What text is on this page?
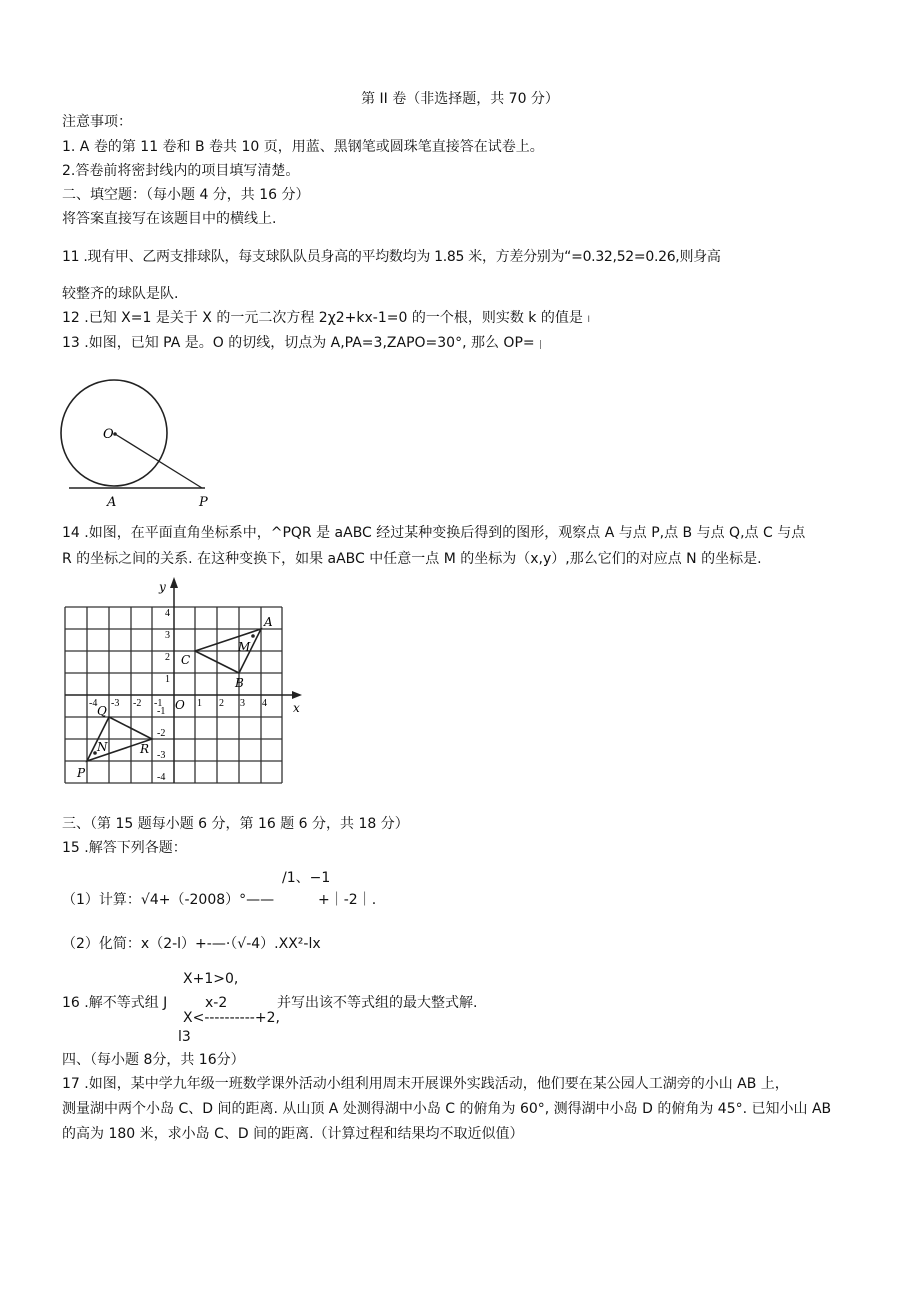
第 II 卷（非选择题，共 70 分）
注意事项：
1. A 卷的第 11 卷和 B 卷共 10 页，用蓝、黑钢笔或圆珠笔直接答在试卷上。
2.答卷前将密封线内的项目填写清楚。
二、填空题：（每小题 4 分，共 16 分）
将答案直接写在该题目中的横线上.
11 .现有甲、乙两支排球队，每支球队队员身高的平均数均为 1.85 米，方差分别为“=0.32,52=0.26,则身高
较整齐的球队是队.
12 .已知 X=1 是关于 X 的一元二次方程 2χ2+kx-1=0 的一个根，则实数 k 的值是 I
13 .如图，已知 PA 是。O 的切线，切点为 A,PA=3,ZAPO=30°, 那么 OP= |
O
A	P
14 .如图，在平面直角坐标系中，^PQR 是 aABC 经过某种变换后得到的图形，观察点 A 与点 P,点 B 与点 Q,点 C 与点
R 的坐标之间的关系. 在这种变换下，如果 aABC 中任意一点 M 的坐标为（x,y）,那么它们的对应点 N 的坐标是.
y
x
O
-4 -3 -2 -1	1 2 3 4
4
3
2
1
-1
-2
-3
-4
A
B
C
M
P
Q
R
N
三、（第 15 题每小题 6 分，第 16 题 6 分，共 18 分）
15 .解答下列各题：
/1、−1
（1）计算：√4+（-2008）°——	+｜-2｜.
（2）化简：x（2-l）+-—·（√-4）.XX²-lx
X+1>0,
16 .解不等式组 J	x-2	并写出该不等式组的最大整式解.
X<----------+2,
l3
四、（每小题 8分，共 16分）
17 .如图，某中学九年级一班数学课外活动小组利用周末开展课外实践活动，他们要在某公园人工湖旁的小山 AB 上，
测量湖中两个小岛 C、D 间的距离. 从山顶 A 处测得湖中小岛 C 的俯角为 60°, 测得湖中小岛 D 的俯角为 45°. 已知小山 AB
的高为 180 米，求小岛 C、D 间的距离.（计算过程和结果均不取近似值）
